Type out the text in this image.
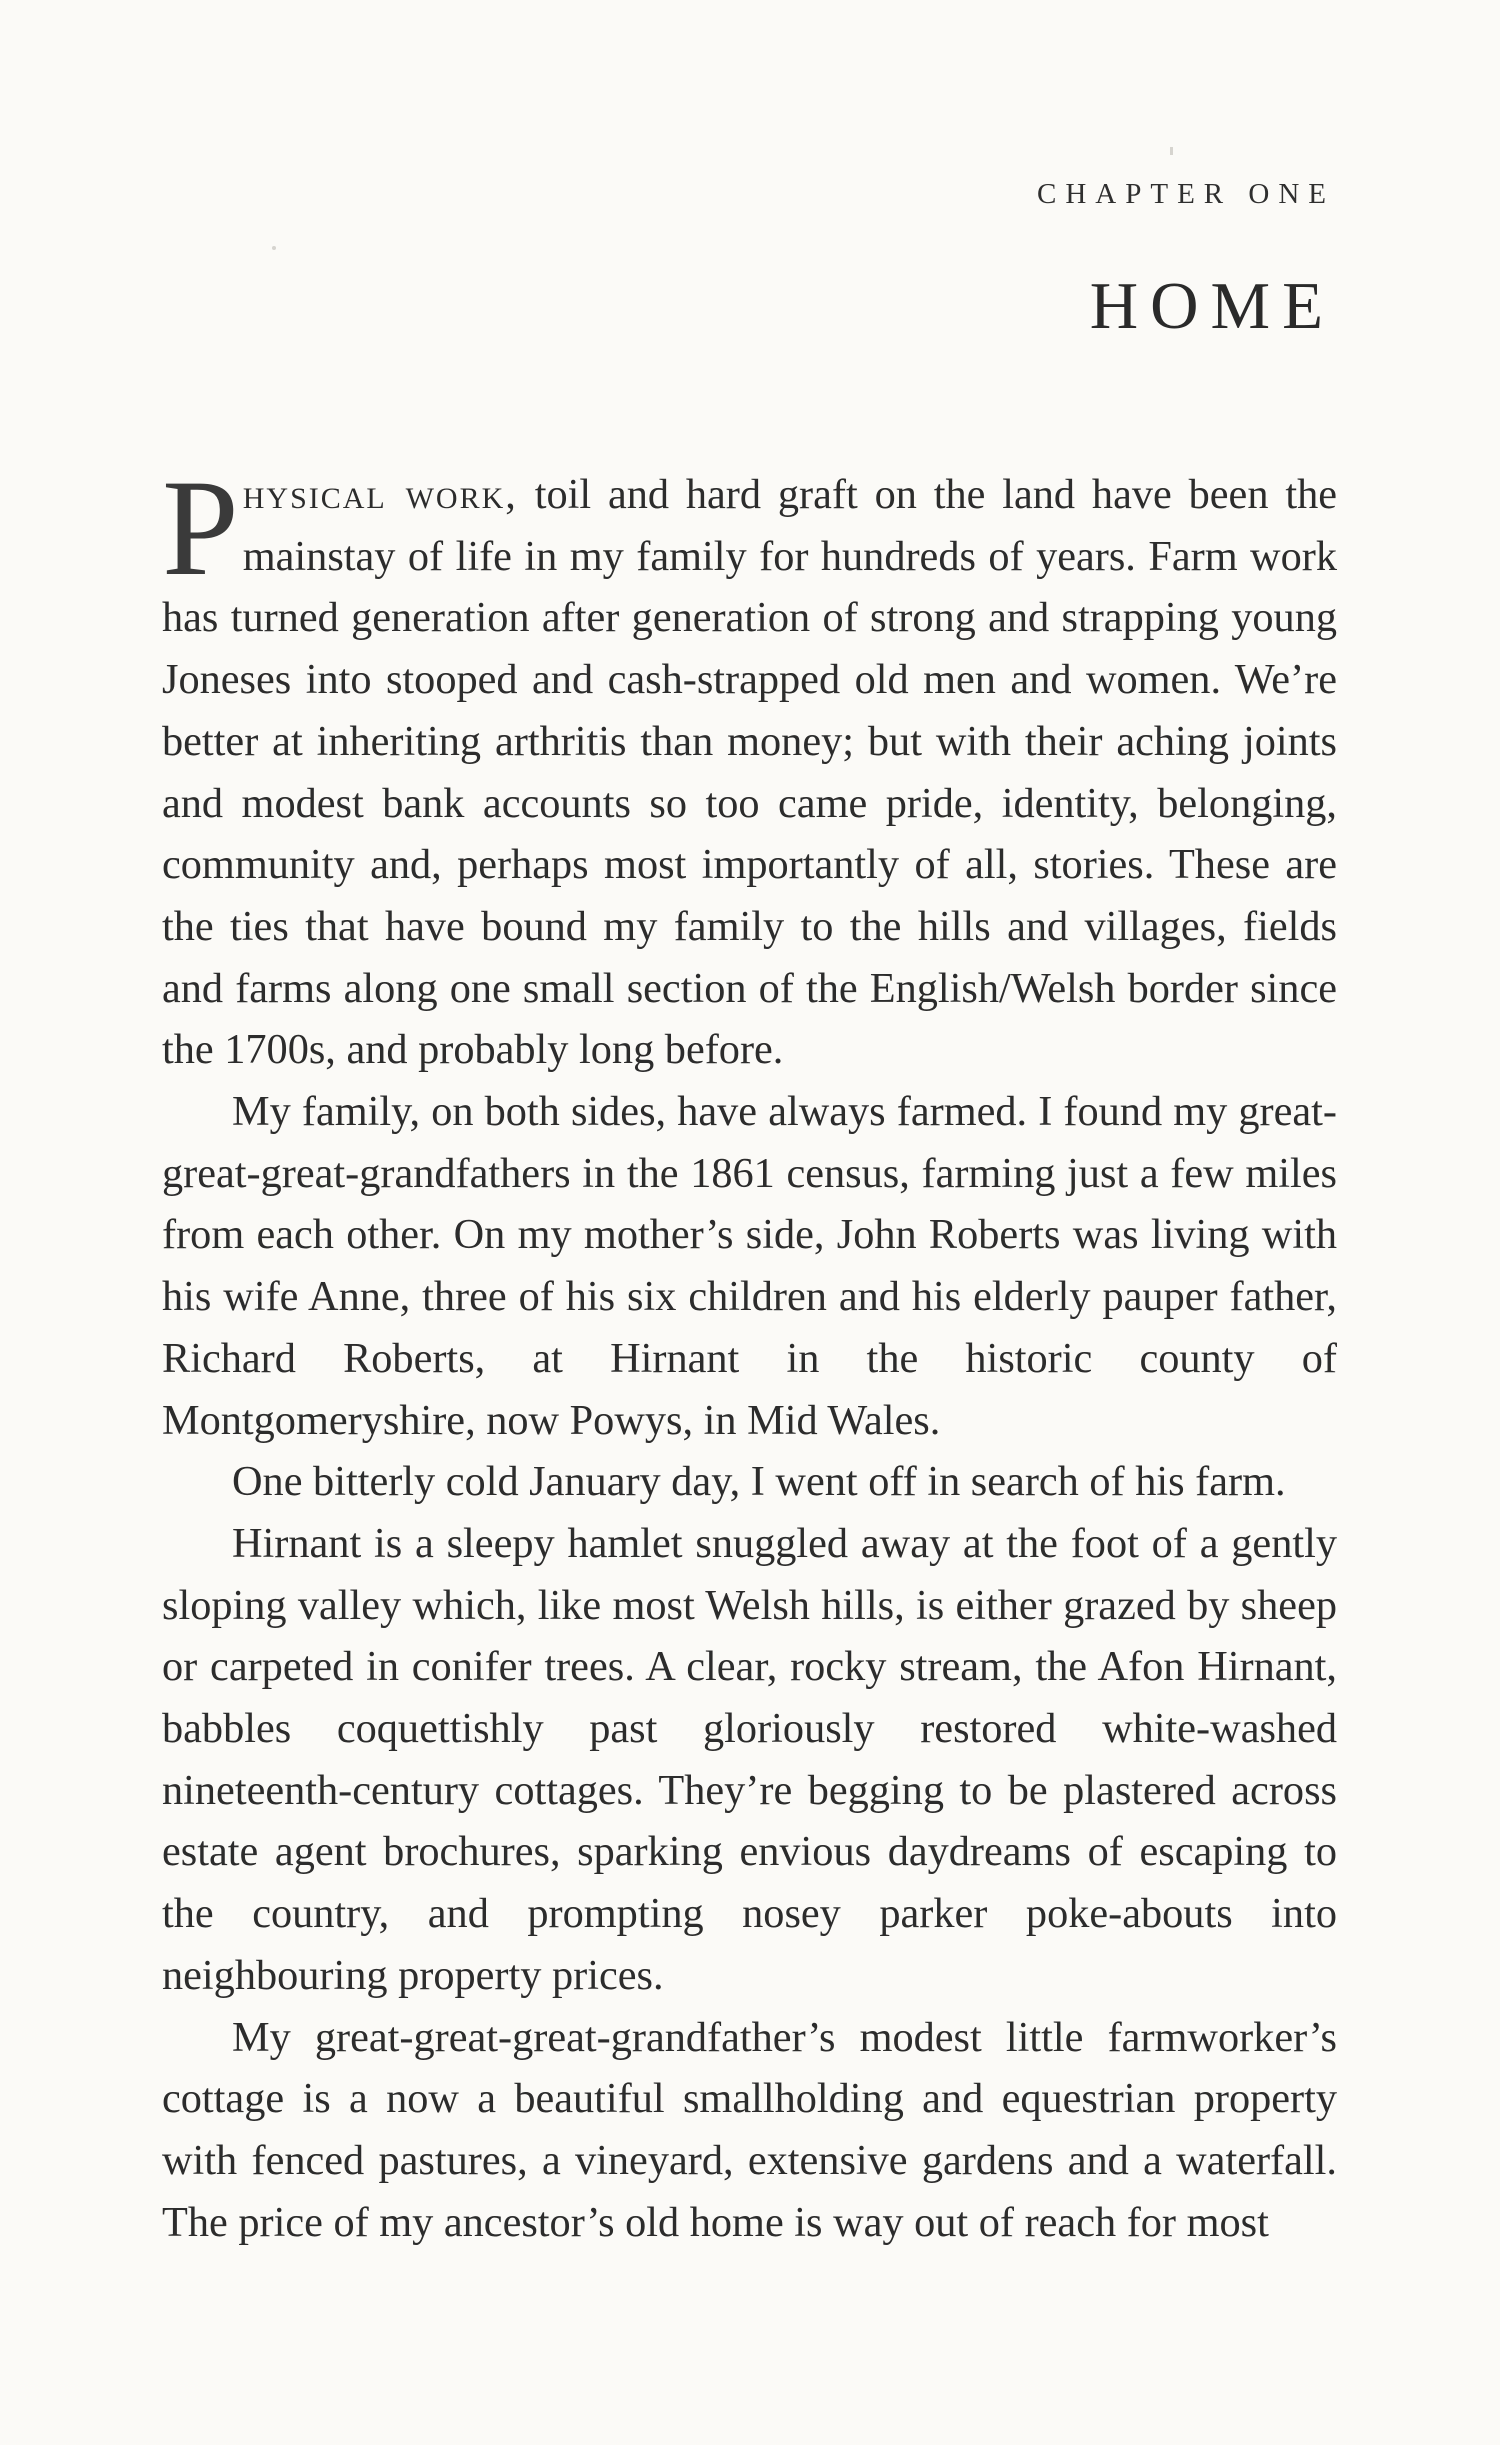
CHAPTER ONE
HOME

Physical work, toil and hard graft on the land have been the mainstay of life in my family for hundreds of years. Farm work has turned generation after generation of strong and strapping young Joneses into stooped and cash-strapped old men and women. We’re better at inheriting arthritis than money; but with their aching joints and modest bank accounts so too came pride, identity, belonging, community and, perhaps most importantly of all, stories. These are the ties that have bound my family to the hills and villages, fields and farms along one small section of the English/Welsh border since the 1700s, and probably long before.

My family, on both sides, have always farmed. I found my great-great-great-grandfathers in the 1861 census, farming just a few miles from each other. On my mother’s side, John Roberts was living with his wife Anne, three of his six children and his elderly pauper father, Richard Roberts, at Hirnant in the historic county of Montgomeryshire, now Powys, in Mid Wales.

One bitterly cold January day, I went off in search of his farm.

Hirnant is a sleepy hamlet snuggled away at the foot of a gently sloping valley which, like most Welsh hills, is either grazed by sheep or carpeted in conifer trees. A clear, rocky stream, the Afon Hirnant, babbles coquettishly past gloriously restored white-washed nineteenth-century cottages. They’re begging to be plastered across estate agent brochures, sparking envious daydreams of escaping to the country, and prompting nosey parker poke-abouts into neighbouring property prices.

My great-great-great-grandfather’s modest little farmworker’s cottage is a now a beautiful smallholding and equestrian property with fenced pastures, a vineyard, extensive gardens and a waterfall. The price of my ancestor’s old home is way out of reach for most
